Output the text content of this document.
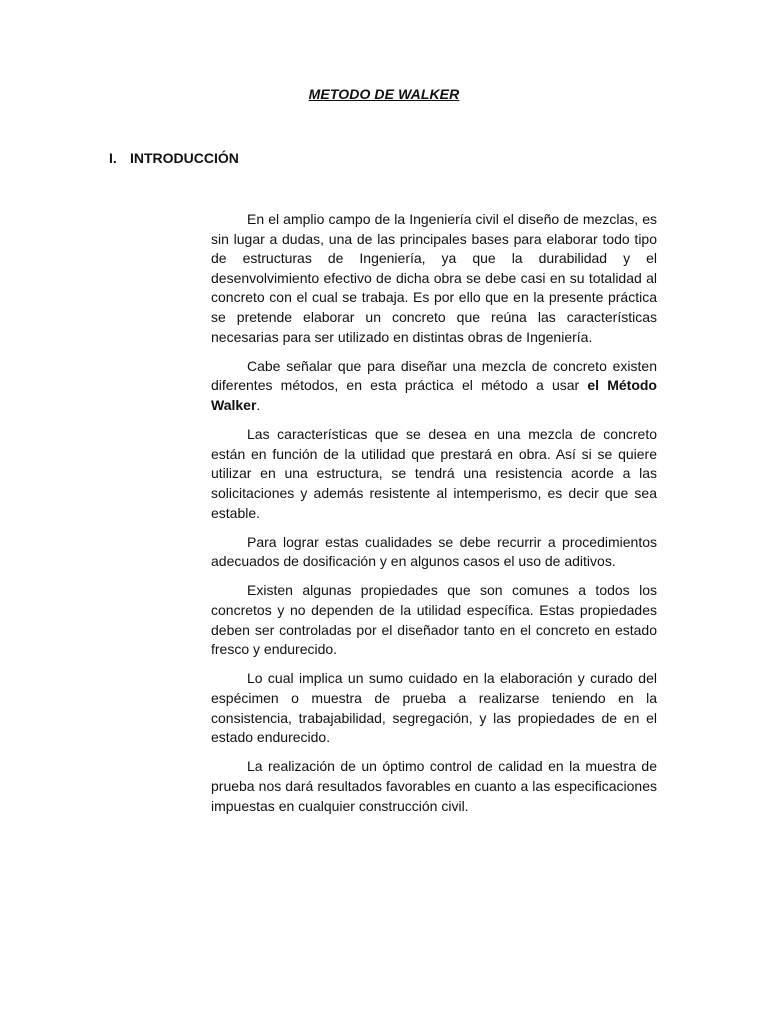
METODO DE WALKER
I. INTRODUCCIÓN

En el amplio campo de la Ingeniería civil el diseño de mezclas, es sin lugar a dudas, una de las principales bases para elaborar todo tipo de estructuras de Ingeniería, ya que la durabilidad y el desenvolvimiento efectivo de dicha obra se debe casi en su totalidad al concreto con el cual se trabaja. Es por ello que en la presente práctica se pretende elaborar un concreto que reúna las características necesarias para ser utilizado en distintas obras de Ingeniería.

Cabe señalar que para diseñar una mezcla de concreto existen diferentes métodos, en esta práctica el método a usar el Método Walker.

Las características que se desea en una mezcla de concreto están en función de la utilidad que prestará en obra. Así si se quiere utilizar en una estructura, se tendrá una resistencia acorde a las solicitaciones y además resistente al intemperismo, es decir que sea estable.

Para lograr estas cualidades se debe recurrir a procedimientos adecuados de dosificación y en algunos casos el uso de aditivos.

Existen algunas propiedades que son comunes a todos los concretos y no dependen de la utilidad específica. Estas propiedades deben ser controladas por el diseñador tanto en el concreto en estado fresco y endurecido.

Lo cual implica un sumo cuidado en la elaboración y curado del espécimen o muestra de prueba a realizarse teniendo en la consistencia, trabajabilidad, segregación, y las propiedades de en el estado endurecido.

La realización de un óptimo control de calidad en la muestra de prueba nos dará resultados favorables en cuanto a las especificaciones impuestas en cualquier construcción civil.
